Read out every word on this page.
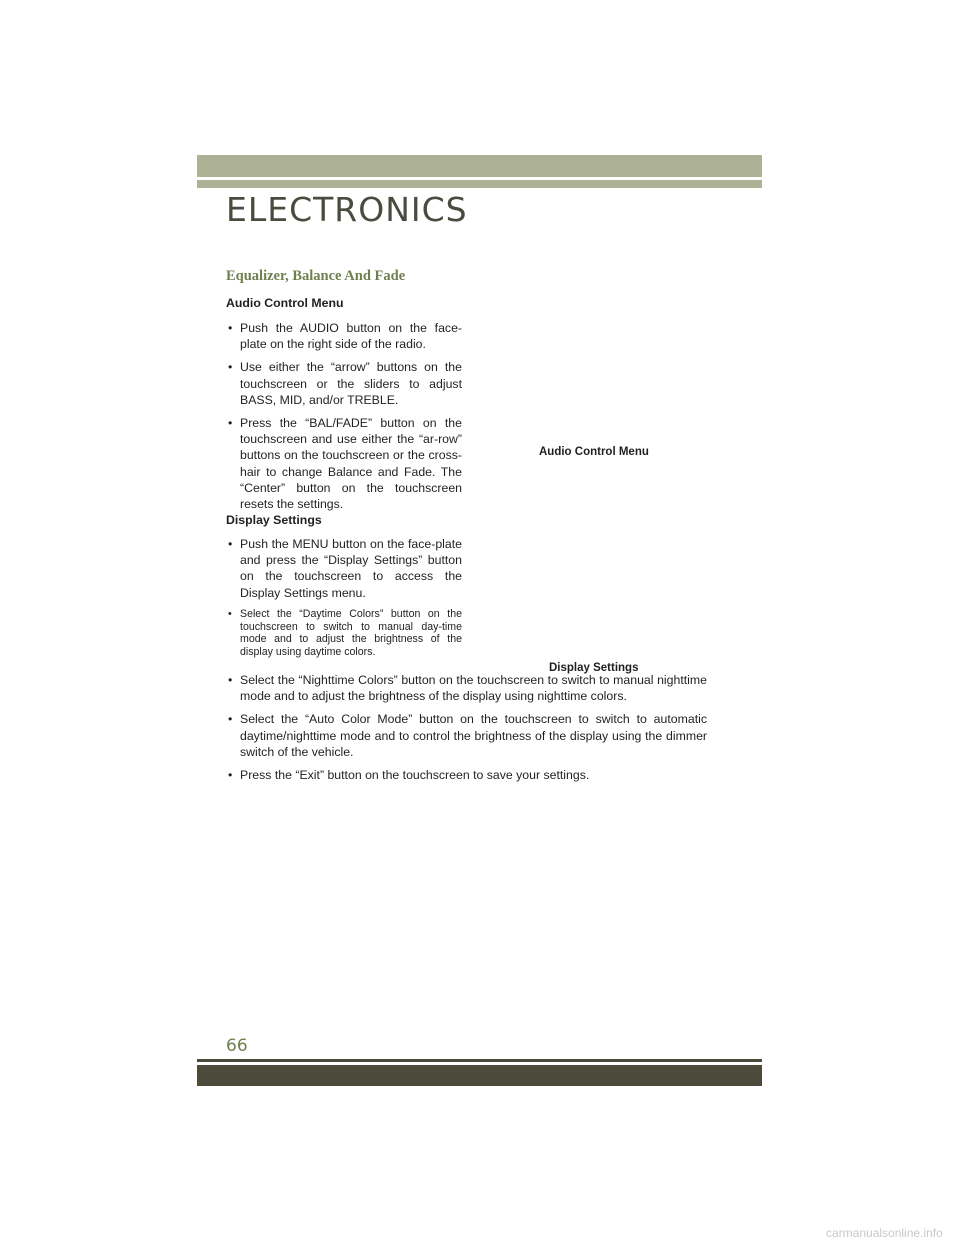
ELECTRONICS
Equalizer, Balance And Fade
Audio Control Menu
• Push the AUDIO button on the face-plate on the right side of the radio.
• Use either the “arrow” buttons on the touchscreen or the sliders to adjust BASS, MID, and/or TREBLE.
• Press the “BAL/FADE” button on the touchscreen and use either the “ar-row” buttons on the touchscreen or the cross-hair to change Balance and Fade. The “Center” button on the touchscreen resets the settings.
Audio Control Menu
Display Settings
• Push the MENU button on the face-plate and press the “Display Settings” button on the touchscreen to access the Display Settings menu.
• Select the “Daytime Colors” button on the touchscreen to switch to manual day-time mode and to adjust the brightness of the display using daytime colors.
Display Settings
• Select the “Nighttime Colors” button on the touchscreen to switch to manual nighttime mode and to adjust the brightness of the display using nighttime colors.
• Select the “Auto Color Mode” button on the touchscreen to switch to automatic daytime/nighttime mode and to control the brightness of the display using the dimmer switch of the vehicle.
• Press the “Exit” button on the touchscreen to save your settings.

66

carmanualsonline.info
